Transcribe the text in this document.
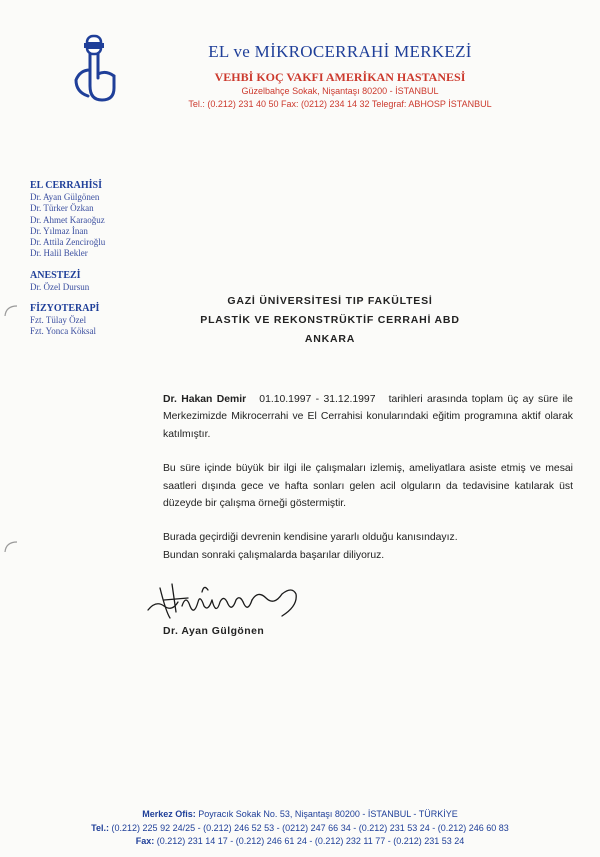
EL ve MİKROCERRAHİ MERKEZİ
VEHBİ KOÇ VAKFI AMERİKAN HASTANESİ
Güzelbahçe Sokak, Nişantaşı 80200 - İSTANBUL
Tel.: (0.212) 231 40 50 Fax: (0212) 234 14 32 Telegraf: ABHOSP İSTANBUL
EL CERRAHİSİ
Dr. Ayan Gülgönen
Dr. Türker Özkan
Dr. Ahmet Karaoğuz
Dr. Yılmaz İnan
Dr. Attila Zenciroğlu
Dr. Halil Bekler
ANESTEZİ
Dr. Özel Dursun
FİZYOTERAPİ
Fzt. Tülay Özel
Fzt. Yonca Köksal
GAZİ ÜNİVERSİTESİ TIP FAKÜLTESİ
PLASTİK VE REKONSTRÜKTİF CERRAHİ ABD
ANKARA

Dr. Hakan Demir 01.10.1997 - 31.12.1997 tarihleri arasında toplam üç ay süre ile Merkezimizde Mikrocerrahi ve El Cerrahisi konularındaki eğitim programına aktif olarak katılmıştır.

Bu süre içinde büyük bir ilgi ile çalışmaları izlemiş, ameliyatlara asiste etmiş ve mesai saatleri dışında gece ve hafta sonları gelen acil olguların da tedavisine katılarak üst düzeyde bir çalışma örneği göstermiştir.

Burada geçirdiği devrenin kendisine yararlı olduğu kanısındayız.
Bundan sonraki çalışmalarda başarılar diliyoruz.

Dr. Ayan Gülgönen
Merkez Ofis: Poyracık Sokak No. 53, Nişantaşı 80200 - İSTANBUL - TÜRKİYE
Tel.: (0.212) 225 92 24/25 - (0.212) 246 52 53 - (0212) 247 66 34 - (0.212) 231 53 24 - (0.212) 246 60 83
Fax: (0.212) 231 14 17 - (0.212) 246 61 24 - (0.212) 232 11 77 - (0.212) 231 53 24
